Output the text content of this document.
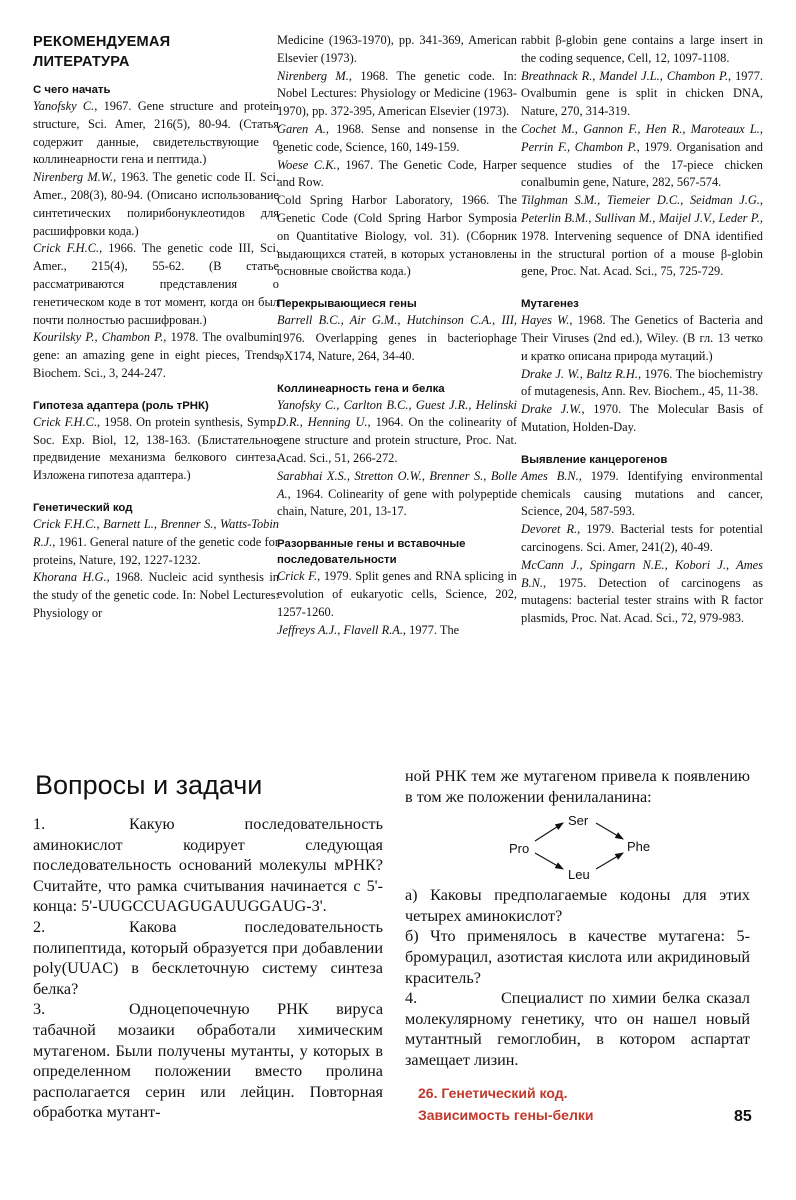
РЕКОМЕНДУЕМАЯ
ЛИТЕРАТУРА
С чего начать

Yanofsky C., 1967. Gene structure and protein structure, Sci. Amer, 216(5), 80-94. (Статья содержит данные, свидетельствующие о коллинеарности гена и пептида.)

Nirenberg M.W., 1963. The genetic code II. Sci. Amer., 208(3), 80-94. (Описано использование синтетических полирибонуклеотидов для расшифровки кода.)

Crick F.H.C., 1966. The genetic code III, Sci. Amer., 215(4), 55-62. (В статье рассматриваются представления о генетическом коде в тот момент, когда он был почти полностью расшифрован.)

Kourilsky P., Chambon P., 1978. The ovalbumin gene: an amazing gene in eight pieces, Trends Biochem. Sci., 3, 244-247.

Гипотеза адаптера (роль тРНК)

Crick F.H.C., 1958. On protein synthesis, Symp. Soc. Exp. Biol, 12, 138-163. (Блистательное предвидение механизма белкового синтеза. Изложена гипотеза адаптера.)

Генетический код

Crick F.H.C., Barnett L., Brenner S., Watts-Tobin R.J., 1961. General nature of the genetic code for proteins, Nature, 192, 1227-1232.

Khorana H.G., 1968. Nucleic acid synthesis in the study of the genetic code. In: Nobel Lectures: Physiology or

Medicine (1963-1970), pp. 341-369, American Elsevier (1973).

Nirenberg M., 1968. The genetic code. In: Nobel Lectures: Physiology or Medicine (1963-1970), pp. 372-395, American Elsevier (1973).

Garen A., 1968. Sense and nonsense in the genetic code, Science, 160, 149-159.

Woese C.K., 1967. The Genetic Code, Harper and Row.

Cold Spring Harbor Laboratory, 1966. The Genetic Code (Cold Spring Harbor Symposia on Quantitative Biology, vol. 31). (Сборник выдающихся статей, в которых установлены основные свойства кода.)

Перекрывающиеся гены

Barrell B.C., Air G.M., Hutchinson C.A., III, 1976. Overlapping genes in bacteriophage φX174, Nature, 264, 34-40.

Коллинеарность гена и белка

Yanofsky C., Carlton B.C., Guest J.R., Helinski D.R., Henning U., 1964. On the colinearity of gene structure and protein structure, Proc. Nat. Acad. Sci., 51, 266-272.

Sarabhai X.S., Stretton O.W., Brenner S., Bolle A., 1964. Colinearity of gene with polypeptide chain, Nature, 201, 13-17.

Разорванные гены и вставочные последовательности

Crick F., 1979. Split genes and RNA splicing in evolution of eukaryotic cells, Science, 202, 1257-1260.

Jeffreys A.J., Flavell R.A., 1977. The

rabbit β-globin gene contains a large insert in the coding sequence, Cell, 12, 1097-1108.

Breathnack R., Mandel J.L., Chambon P., 1977. Ovalbumin gene is split in chicken DNA, Nature, 270, 314-319.

Cochet M., Gannon F., Hen R., Maroteaux L., Perrin F., Chambon P., 1979. Organisation and sequence studies of the 17-piece chicken conalbumin gene, Nature, 282, 567-574.

Tilghman S.M., Tiemeier D.C., Seidman J.G., Peterlin B.M., Sullivan M., Maijel J.V., Leder P., 1978. Intervening sequence of DNA identified in the structural portion of a mouse β-globin gene, Proc. Nat. Acad. Sci., 75, 725-729.

Мутагенез

Hayes W., 1968. The Genetics of Bacteria and Their Viruses (2nd ed.), Wiley. (В гл. 13 четко и кратко описана природа мутаций.)

Drake J. W., Baltz R.H., 1976. The biochemistry of mutagenesis, Ann. Rev. Biochem., 45, 11-38.

Drake J.W., 1970. The Molecular Basis of Mutation, Holden-Day.

Выявление канцерогенов

Ames B.N., 1979. Identifying environmental chemicals causing mutations and cancer, Science, 204, 587-593.

Devoret R., 1979. Bacterial tests for potential carcinogens. Sci. Amer, 241(2), 40-49.

McCann J., Spingarn N.E., Kobori J., Ames B.N., 1975. Detection of carcinogens as mutagens: bacterial tester strains with R factor plasmids, Proc. Nat. Acad. Sci., 72, 979-983.

Вопросы и задачи

1.	Какую последовательность аминокислот кодирует следующая последовательность оснований молекулы мРНК? Считайте, что рамка считывания начинается с 5'-конца: 5'-UUGCCUAGUGAUUGGAUG-3'.

2.	Какова последовательность полипептида, который образуется при добавлении poly(UUAC) в бесклеточную систему синтеза белка?

3.	Одноцепочечную РНК вируса табачной мозаики обработали химическим мутагеном. Были получены мутанты, у которых в определенном положении вместо пролина располагается серин или лейцин. Повторная обработка мутант-

ной РНК тем же мутагеном привела к появлению в том же положении фенилаланина:

Pro
Ser
Leu
Phe

а) Каковы предполагаемые кодоны для этих четырех аминокислот?

б) Что применялось в качестве мутагена: 5-бромурацил, азотистая кислота или акридиновый краситель?

4.	Специалист по химии белка сказал молекулярному генетику, что он нашел новый мутантный гемоглобин, в котором аспартат замещает лизин.

26. Генетический код.
Зависимость гены-белки	85
